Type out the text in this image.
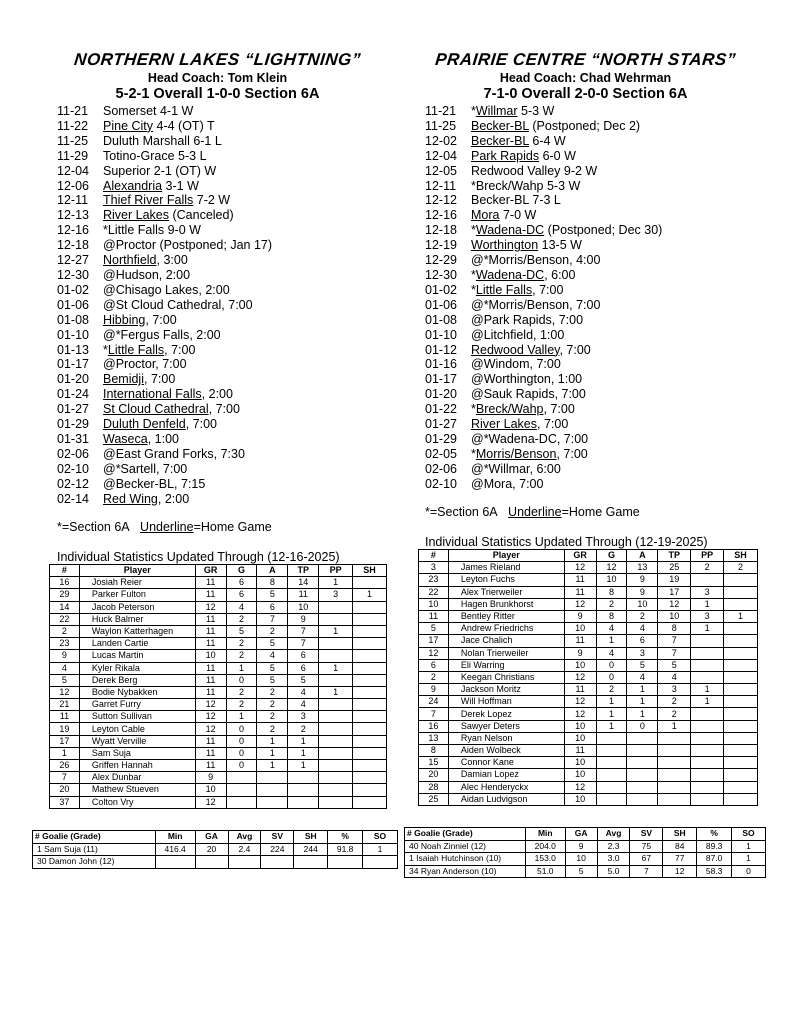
NORTHERN LAKES “LIGHTNING”
Head Coach: Tom Klein
5-2-1 Overall 1-0-0 Section 6A
11-21	Somerset 4-1 W
11-22	Pine City 4-4 (OT) T
11-25	Duluth Marshall 6-1 L
11-29	Totino-Grace 5-3 L
12-04	Superior 2-1 (OT) W
12-06	Alexandria 3-1 W
12-11	Thief River Falls 7-2 W
12-13	River Lakes (Canceled)
12-16	*Little Falls 9-0 W
12-18	@Proctor (Postponed; Jan 17)
12-27	Northfield, 3:00
12-30	@Hudson, 2:00
01-02	@Chisago Lakes, 2:00
01-06	@St Cloud Cathedral, 7:00
01-08	Hibbing, 7:00
01-10	@*Fergus Falls, 2:00
01-13	*Little Falls, 7:00
01-17	@Proctor, 7:00
01-20	Bemidji, 7:00
01-24	International Falls, 2:00
01-27	St Cloud Cathedral, 7:00
01-29	Duluth Denfeld, 7:00
01-31	Waseca, 1:00
02-06	@East Grand Forks, 7:30
02-10	@*Sartell, 7:00
02-12	@Becker-BL, 7:15
02-14	Red Wing, 2:00
*=Section 6A Underline=Home Game
Individual Statistics Updated Through (12-16-2025)
#	Player	GR	G	A	TP	PP	SH
16	Josiah Reier	11	6	8	14	1	
29	Parker Fulton	11	6	5	11	3	1
14	Jacob Peterson	12	4	6	10		
22	Huck Balmer	11	2	7	9		
2	Waylon Katterhagen	11	5	2	7	1	
23	Landen Cartie	11	2	5	7		
9	Lucas Martin	10	2	4	6		
4	Kyler Rikala	11	1	5	6	1	
5	Derek Berg	11	0	5	5		
12	Bodie Nybakken	11	2	2	4	1	
21	Garret Furry	12	2	2	4		
11	Sutton Sullivan	12	1	2	3		
19	Leyton Cable	12	0	2	2		
17	Wyatt Verville	11	0	1	1		
1	Sam Suja	11	0	1	1		
26	Griffen Hannah	11	0	1	1		
7	Alex Dunbar	9					
20	Mathew Stueven	10					
37	Colton Vry	12					
# Goalie (Grade)	Min	GA	Avg	SV	SH	%	SO
1 Sam Suja (11)	416.4	20	2.4	224	244	91.8	1
30 Damon John (12)							
PRAIRIE CENTRE “NORTH STARS”
Head Coach: Chad Wehrman
7-1-0 Overall 2-0-0 Section 6A
11-21	*Willmar 5-3 W
11-25	Becker-BL (Postponed; Dec 2)
12-02	Becker-BL 6-4 W
12-04	Park Rapids 6-0 W
12-05	Redwood Valley 9-2 W
12-11	*Breck/Wahp 5-3 W
12-12	Becker-BL 7-3 L
12-16	Mora 7-0 W
12-18	*Wadena-DC (Postponed; Dec 30)
12-19	Worthington 13-5 W
12-29	@*Morris/Benson, 4:00
12-30	*Wadena-DC, 6:00
01-02	*Little Falls, 7:00
01-06	@*Morris/Benson, 7:00
01-08	@Park Rapids, 7:00
01-10	@Litchfield, 1:00
01-12	Redwood Valley, 7:00
01-16	@Windom, 7:00
01-17	@Worthington, 1:00
01-20	@Sauk Rapids, 7:00
01-22	*Breck/Wahp, 7:00
01-27	River Lakes, 7:00
01-29	@*Wadena-DC, 7:00
02-05	*Morris/Benson, 7:00
02-06	@*Willmar, 6:00
02-10	@Mora, 7:00
*=Section 6A Underline=Home Game
Individual Statistics Updated Through (12-19-2025)
#	Player	GR	G	A	TP	PP	SH
3	James Rieland	12	12	13	25	2	2
23	Leyton Fuchs	11	10	9	19		
22	Alex Trierweiler	11	8	9	17	3	
10	Hagen Brunkhorst	12	2	10	12	1	
11	Bentley Ritter	9	8	2	10	3	1
5	Andrew Friedrichs	10	4	4	8	1	
17	Jace Chalich	11	1	6	7		
12	Nolan Trierweiler	9	4	3	7		
6	Eli Warring	10	0	5	5		
2	Keegan Christians	12	0	4	4		
9	Jackson Moritz	11	2	1	3	1	
24	Will Hoffman	12	1	1	2	1	
7	Derek Lopez	12	1	1	2		
16	Sawyer Deters	10	1	0	1		
13	Ryan Nelson	10					
8	Aiden Wolbeck	11					
15	Connor Kane	10					
20	Damian Lopez	10					
28	Alec Henderyckx	12					
25	Aidan Ludvigson	10					
# Goalie (Grade)	Min	GA	Avg	SV	SH	%	SO
40 Noah Zinniel (12)	204.0	9	2.3	75	84	89.3	1
1 Isaiah Hutchinson (10)	153.0	10	3.0	67	77	87.0	1
34 Ryan Anderson (10)	51.0	5	5.0	7	12	58.3	0
